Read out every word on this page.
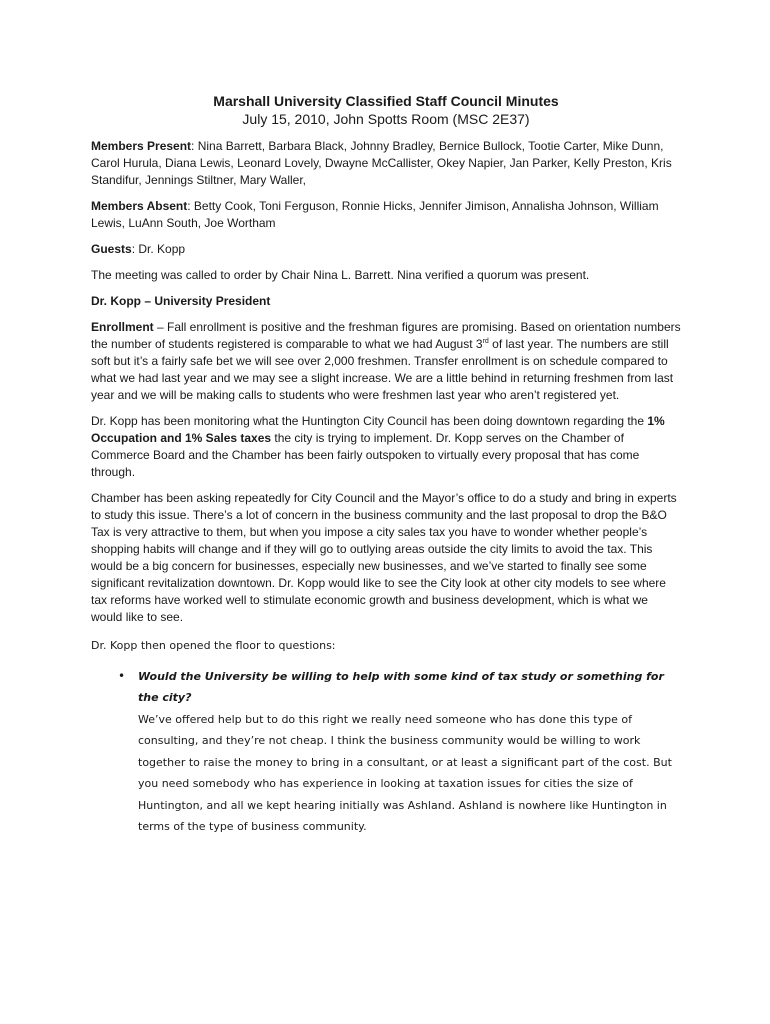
Marshall University Classified Staff Council Minutes
July 15, 2010, John Spotts Room (MSC 2E37)

Members Present: Nina Barrett, Barbara Black, Johnny Bradley, Bernice Bullock, Tootie Carter, Mike Dunn, Carol Hurula, Diana Lewis, Leonard Lovely, Dwayne McCallister, Okey Napier, Jan Parker, Kelly Preston, Kris Standifur, Jennings Stiltner, Mary Waller,

Members Absent: Betty Cook, Toni Ferguson, Ronnie Hicks, Jennifer Jimison, Annalisha Johnson, William Lewis, LuAnn South, Joe Wortham

Guests: Dr. Kopp

The meeting was called to order by Chair Nina L. Barrett. Nina verified a quorum was present.

Dr. Kopp – University President

Enrollment – Fall enrollment is positive and the freshman figures are promising. Based on orientation numbers the number of students registered is comparable to what we had August 3rd of last year. The numbers are still soft but it’s a fairly safe bet we will see over 2,000 freshmen. Transfer enrollment is on schedule compared to what we had last year and we may see a slight increase. We are a little behind in returning freshmen from last year and we will be making calls to students who were freshmen last year who aren’t registered yet.

Dr. Kopp has been monitoring what the Huntington City Council has been doing downtown regarding the 1% Occupation and 1% Sales taxes the city is trying to implement. Dr. Kopp serves on the Chamber of Commerce Board and the Chamber has been fairly outspoken to virtually every proposal that has come through.

Chamber has been asking repeatedly for City Council and the Mayor’s office to do a study and bring in experts to study this issue. There’s a lot of concern in the business community and the last proposal to drop the B&O Tax is very attractive to them, but when you impose a city sales tax you have to wonder whether people’s shopping habits will change and if they will go to outlying areas outside the city limits to avoid the tax. This would be a big concern for businesses, especially new businesses, and we’ve started to finally see some significant revitalization downtown. Dr. Kopp would like to see the City look at other city models to see where tax reforms have worked well to stimulate economic growth and business development, which is what we would like to see.

Dr. Kopp then opened the floor to questions:

• Would the University be willing to help with some kind of tax study or something for the city?
We’ve offered help but to do this right we really need someone who has done this type of consulting, and they’re not cheap. I think the business community would be willing to work together to raise the money to bring in a consultant, or at least a significant part of the cost. But you need somebody who has experience in looking at taxation issues for cities the size of Huntington, and all we kept hearing initially was Ashland. Ashland is nowhere like Huntington in terms of the type of business community.
